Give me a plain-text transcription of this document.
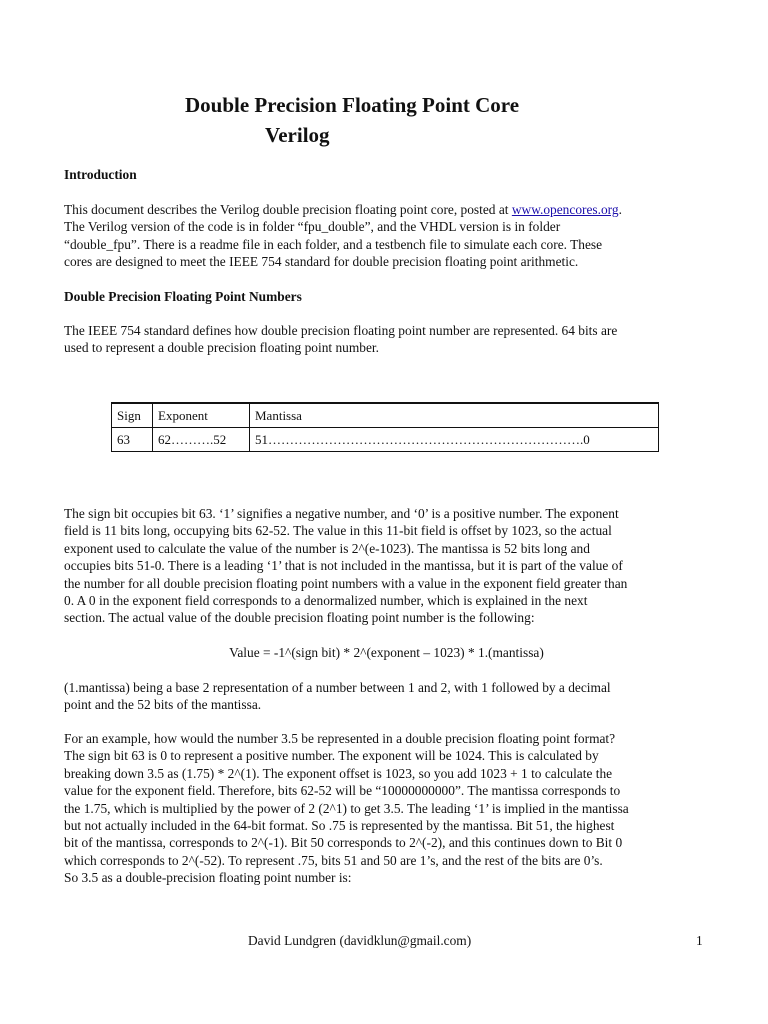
Double Precision Floating Point Core
Verilog
Introduction
This document describes the Verilog double precision floating point core, posted at www.opencores.org.
The Verilog version of the code is in folder “fpu_double”, and the VHDL version is in folder
“double_fpu”. There is a readme file in each folder, and a testbench file to simulate each core. These
cores are designed to meet the IEEE 754 standard for double precision floating point arithmetic.
Double Precision Floating Point Numbers
The IEEE 754 standard defines how double precision floating point number are represented. 64 bits are
used to represent a double precision floating point number.
Sign	Exponent	Mantissa
63	62……….52	51……………………………………………………………….0
The sign bit occupies bit 63. ‘1’ signifies a negative number, and ‘0’ is a positive number. The exponent
field is 11 bits long, occupying bits 62-52. The value in this 11-bit field is offset by 1023, so the actual
exponent used to calculate the value of the number is 2^(e-1023). The mantissa is 52 bits long and
occupies bits 51-0. There is a leading ‘1’ that is not included in the mantissa, but it is part of the value of
the number for all double precision floating point numbers with a value in the exponent field greater than
0. A 0 in the exponent field corresponds to a denormalized number, which is explained in the next
section. The actual value of the double precision floating point number is the following:
Value = -1^(sign bit) * 2^(exponent – 1023) * 1.(mantissa)
(1.mantissa) being a base 2 representation of a number between 1 and 2, with 1 followed by a decimal
point and the 52 bits of the mantissa.
For an example, how would the number 3.5 be represented in a double precision floating point format?
The sign bit 63 is 0 to represent a positive number. The exponent will be 1024. This is calculated by
breaking down 3.5 as (1.75) * 2^(1). The exponent offset is 1023, so you add 1023 + 1 to calculate the
value for the exponent field. Therefore, bits 62-52 will be “10000000000”. The mantissa corresponds to
the 1.75, which is multiplied by the power of 2 (2^1) to get 3.5. The leading ‘1’ is implied in the mantissa
but not actually included in the 64-bit format. So .75 is represented by the mantissa. Bit 51, the highest
bit of the mantissa, corresponds to 2^(-1). Bit 50 corresponds to 2^(-2), and this continues down to Bit 0
which corresponds to 2^(-52). To represent .75, bits 51 and 50 are 1’s, and the rest of the bits are 0’s.
So 3.5 as a double-precision floating point number is:
David Lundgren (davidklun@gmail.com)	1
